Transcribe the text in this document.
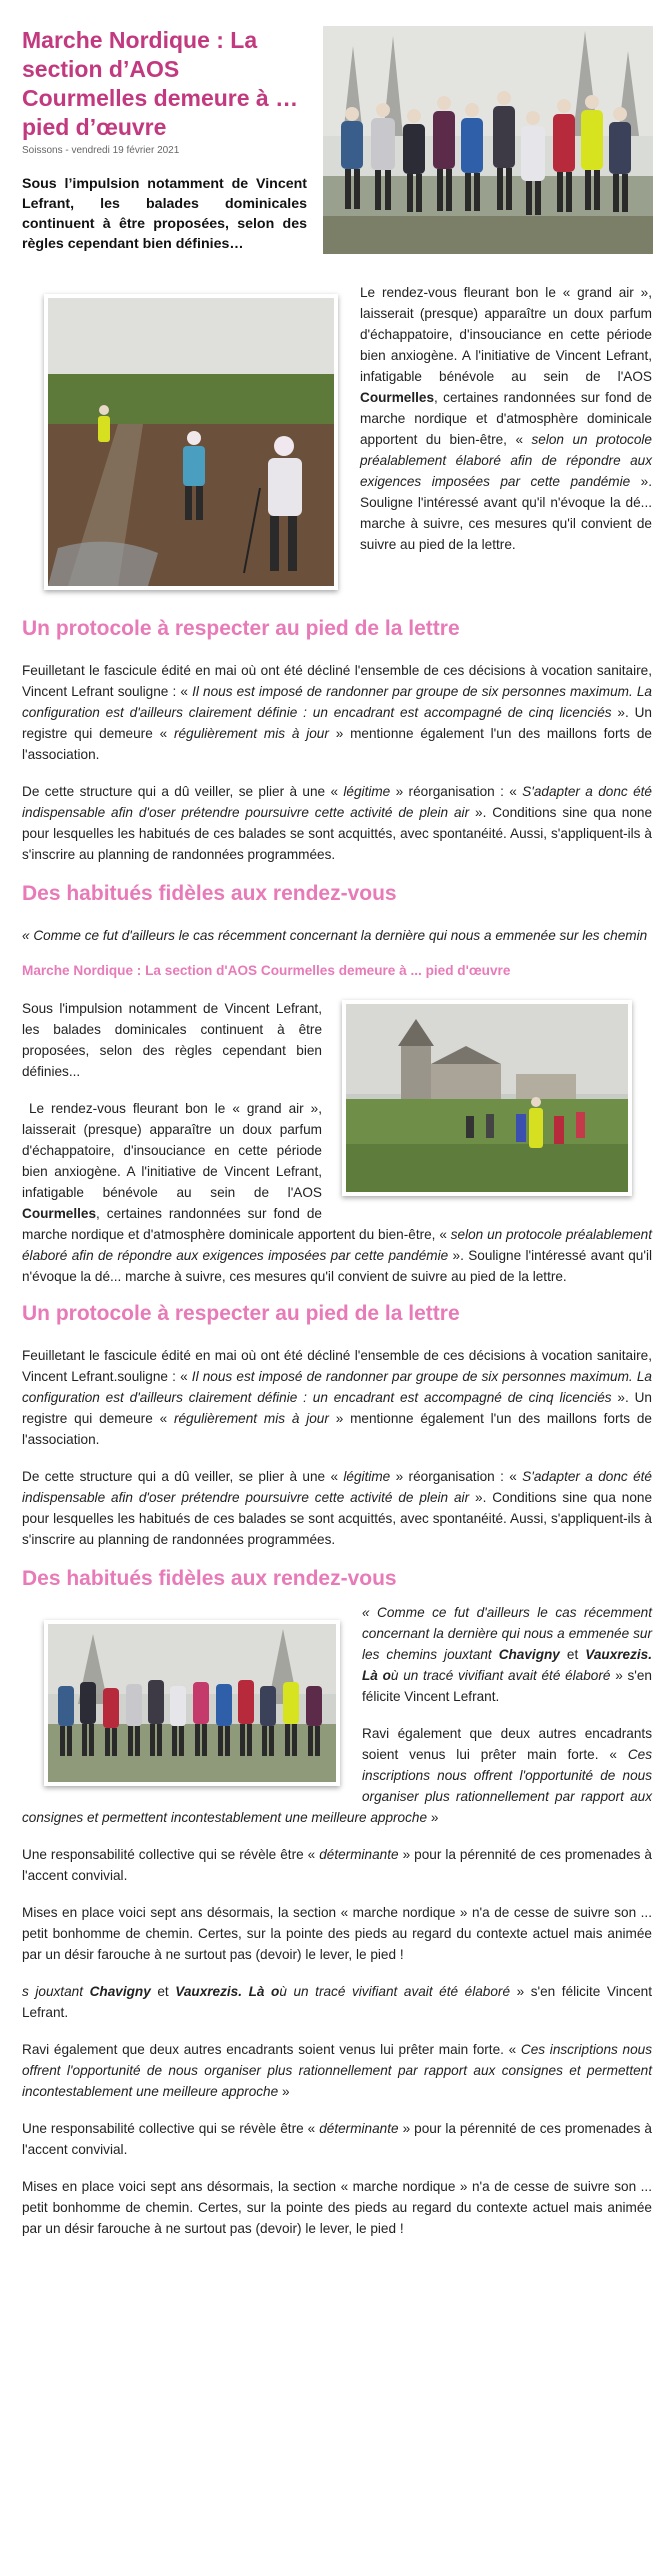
Marche Nordique : La section d’AOS Courmelles demeure à … pied d’œuvre
Soissons - vendredi 19 février 2021

Sous l’impulsion notamment de Vincent Lefrant, les balades dominicales continuent à être proposées, selon des règles cependant bien définies…

Le rendez-vous fleurant bon le « grand air », laisserait (presque) apparaître un doux parfum d'échappatoire, d'insouciance en cette période bien anxiogène. A l'initiative de Vincent Lefrant, infatigable bénévole au sein de l'AOS Courmelles, certaines randonnées sur fond de marche nordique et d'atmosphère dominicale apportent du bien-être, « selon un protocole préalablement élaboré afin de répondre aux exigences imposées par cette pandémie ». Souligne l'intéressé avant qu'il n'évoque la dé... marche à suivre, ces mesures qu'il convient de suivre au pied de la lettre.

Un protocole à respecter au pied de la lettre

Feuilletant le fascicule édité en mai où ont été décliné l'ensemble de ces décisions à vocation sanitaire, Vincent Lefrant souligne : « Il nous est imposé de randonner par groupe de six personnes maximum. La configuration est d'ailleurs clairement définie : un encadrant est accompagné de cinq licenciés ». Un registre qui demeure « régulièrement mis à jour » mentionne également l'un des maillons forts de l'association.

De cette structure qui a dû veiller, se plier à une « légitime » réorganisation : « S'adapter a donc été indispensable afin d'oser prétendre poursuivre cette activité de plein air ». Conditions sine qua none pour lesquelles les habitués de ces balades se sont acquittés, avec spontanéité. Aussi, s'appliquent-ils à s'inscrire au planning de randonnées programmées.

Des habitués fidèles aux rendez-vous

« Comme ce fut d'ailleurs le cas récemment concernant la dernière qui nous a emmenée sur les chemin

Marche Nordique : La section d'AOS Courmelles demeure à ... pied d'œuvre

Sous l'impulsion notamment de Vincent Lefrant, les balades dominicales continuent à être proposées, selon des règles cependant bien définies...

Le rendez-vous fleurant bon le « grand air », laisserait (presque) apparaître un doux parfum d'échappatoire, d'insouciance en cette période bien anxiogène. A l'initiative de Vincent Lefrant, infatigable bénévole au sein de l'AOS Courmelles, certaines randonnées sur fond de marche nordique et d'atmosphère dominicale apportent du bien-être, « selon un protocole préalablement élaboré afin de répondre aux exigences imposées par cette pandémie ». Souligne l'intéressé avant qu'il n'évoque la dé... marche à suivre, ces mesures qu'il convient de suivre au pied de la lettre.

Un protocole à respecter au pied de la lettre

Feuilletant le fascicule édité en mai où ont été décliné l'ensemble de ces décisions à vocation sanitaire, Vincent Lefrant.souligne : « Il nous est imposé de randonner par groupe de six personnes maximum. La configuration est d'ailleurs clairement définie : un encadrant est accompagné de cinq licenciés ». Un registre qui demeure « régulièrement mis à jour » mentionne également l'un des maillons forts de l'association.

De cette structure qui a dû veiller, se plier à une « légitime » réorganisation : « S'adapter a donc été indispensable afin d'oser prétendre poursuivre cette activité de plein air ». Conditions sine qua none pour lesquelles les habitués de ces balades se sont acquittés, avec spontanéité. Aussi, s'appliquent-ils à s'inscrire au planning de randonnées programmées.

Des habitués fidèles aux rendez-vous

« Comme ce fut d'ailleurs le cas récemment concernant la dernière qui nous a emmenée sur les chemins jouxtant Chavigny et Vauxrezis. Là où un tracé vivifiant avait été élaboré » s'en félicite Vincent Lefrant.

Ravi également que deux autres encadrants soient venus lui prêter main forte. « Ces inscriptions nous offrent l'opportunité de nous organiser plus rationnellement par rapport aux consignes et permettent incontestablement une meilleure approche »

Une responsabilité collective qui se révèle être « déterminante » pour la pérennité de ces promenades à l'accent convivial.

Mises en place voici sept ans désormais, la section « marche nordique » n'a de cesse de suivre son ... petit bonhomme de chemin. Certes, sur la pointe des pieds au regard du contexte actuel mais animée par un désir farouche à ne surtout pas (devoir) le lever, le pied !

s jouxtant Chavigny et Vauxrezis. Là où un tracé vivifiant avait été élaboré » s'en félicite Vincent Lefrant.

Ravi également que deux autres encadrants soient venus lui prêter main forte. « Ces inscriptions nous offrent l'opportunité de nous organiser plus rationnellement par rapport aux consignes et permettent incontestablement une meilleure approche »

Une responsabilité collective qui se révèle être « déterminante » pour la pérennité de ces promenades à l'accent convivial.

Mises en place voici sept ans désormais, la section « marche nordique » n'a de cesse de suivre son ... petit bonhomme de chemin. Certes, sur la pointe des pieds au regard du contexte actuel mais animée par un désir farouche à ne surtout pas (devoir) le lever, le pied !
